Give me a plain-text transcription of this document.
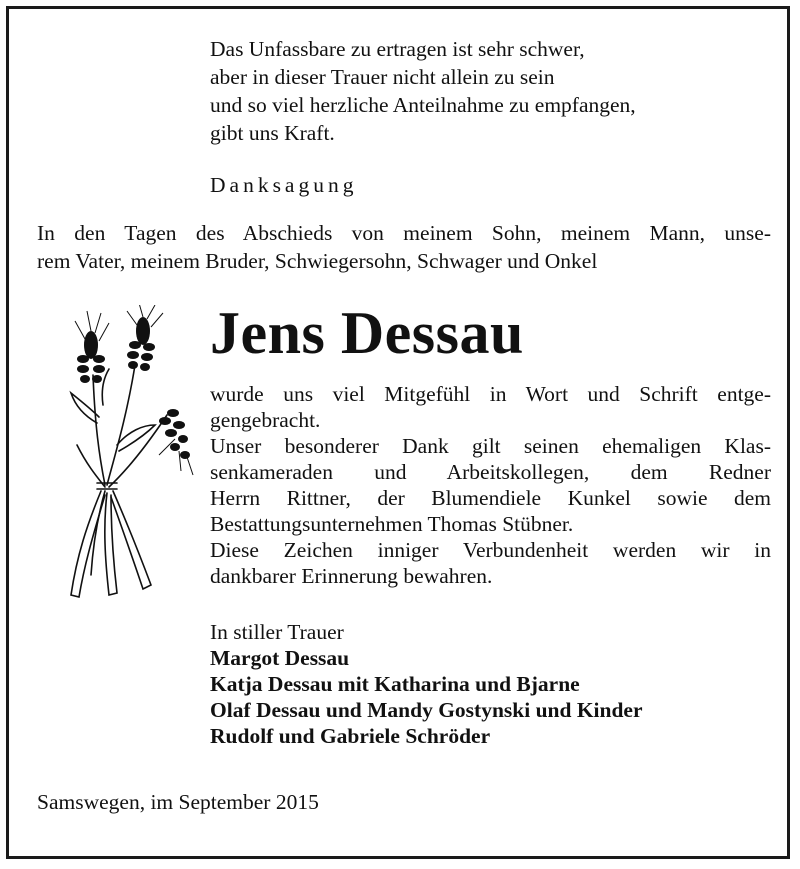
Das Unfassbare zu ertragen ist sehr schwer,
aber in dieser Trauer nicht allein zu sein
und so viel herzliche Anteilnahme zu empfangen,
gibt uns Kraft.
Danksagung
In den Tagen des Abschieds von meinem Sohn, meinem Mann, unse-
rem Vater, meinem Bruder, Schwiegersohn, Schwager und Onkel
Jens Dessau
wurde uns viel Mitgefühl in Wort und Schrift entge-
gengebracht.
Unser besonderer Dank gilt seinen ehemaligen Klas-
senkameraden und Arbeitskollegen, dem Redner
Herrn Rittner, der Blumendiele Kunkel sowie dem
Bestattungsunternehmen Thomas Stübner.
Diese Zeichen inniger Verbundenheit werden wir in
dankbarer Erinnerung bewahren.
In stiller Trauer
Margot Dessau
Katja Dessau mit Katharina und Bjarne
Olaf Dessau und Mandy Gostynski und Kinder
Rudolf und Gabriele Schröder
Samswegen, im September 2015
